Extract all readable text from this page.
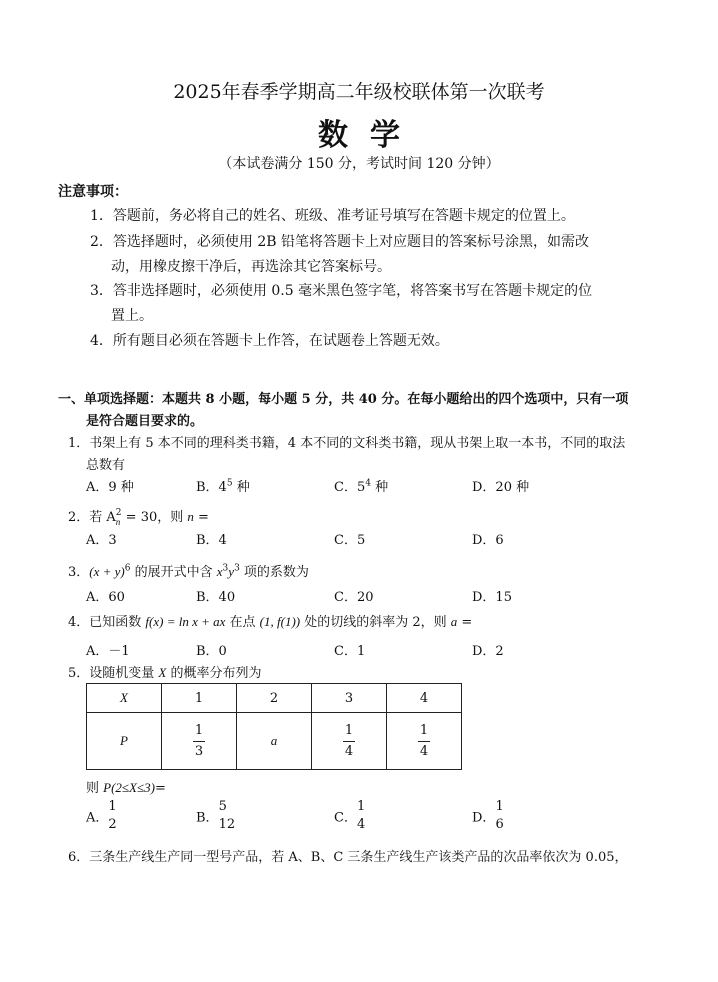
2025年春季学期高二年级校联体第一次联考
数学
（本试卷满分 150 分，考试时间 120 分钟）
注意事项：
1．答题前，务必将自己的姓名、班级、准考证号填写在答题卡规定的位置上。
2．答选择题时，必须使用 2B 铅笔将答题卡上对应题目的答案标号涂黑，如需改
动，用橡皮擦干净后，再选涂其它答案标号。
3．答非选择题时，必须使用 0.5 毫米黑色签字笔，将答案书写在答题卡规定的位
置上。
4．所有题目必须在答题卡上作答，在试题卷上答题无效。
一、单项选择题：本题共 8 小题，每小题 5 分，共 40 分。在每小题给出的四个选项中，只有一项
是符合题目要求的。
1．书架上有 5 本不同的理科类书籍，4 本不同的文科类书籍，现从书架上取一本书，不同的取法
总数有
A．9 种	B．$4^5$ 种	C．$5^4$ 种	D．20 种
2．若 A 2
n = 30，则 n =
A．3	B．4	C．5	D．6
3．$(x + y)^6$ 的展开式中含 $x^3y^3$ 项的系数为
A．60	B．40	C．20	D．15
4．已知函数 f(x) = ln x + ax 在点 (1, f(1)) 处的切线的斜率为 2，则 a =
A．－1	B．0	C．1	D．2
5．设随机变量 X 的概率分布列为
X	1	2	3	4
P	$\frac{1}{3}$	a	$\frac{1}{4}$	$\frac{1}{4}$
则 P(2≤X≤3)=
A．
1
2	B．
5
12	C．
1
4	D．
1
6
6．三条生产线生产同一型号产品，若 A、B、C 三条生产线生产该类产品的次品率依次为 0.05，
